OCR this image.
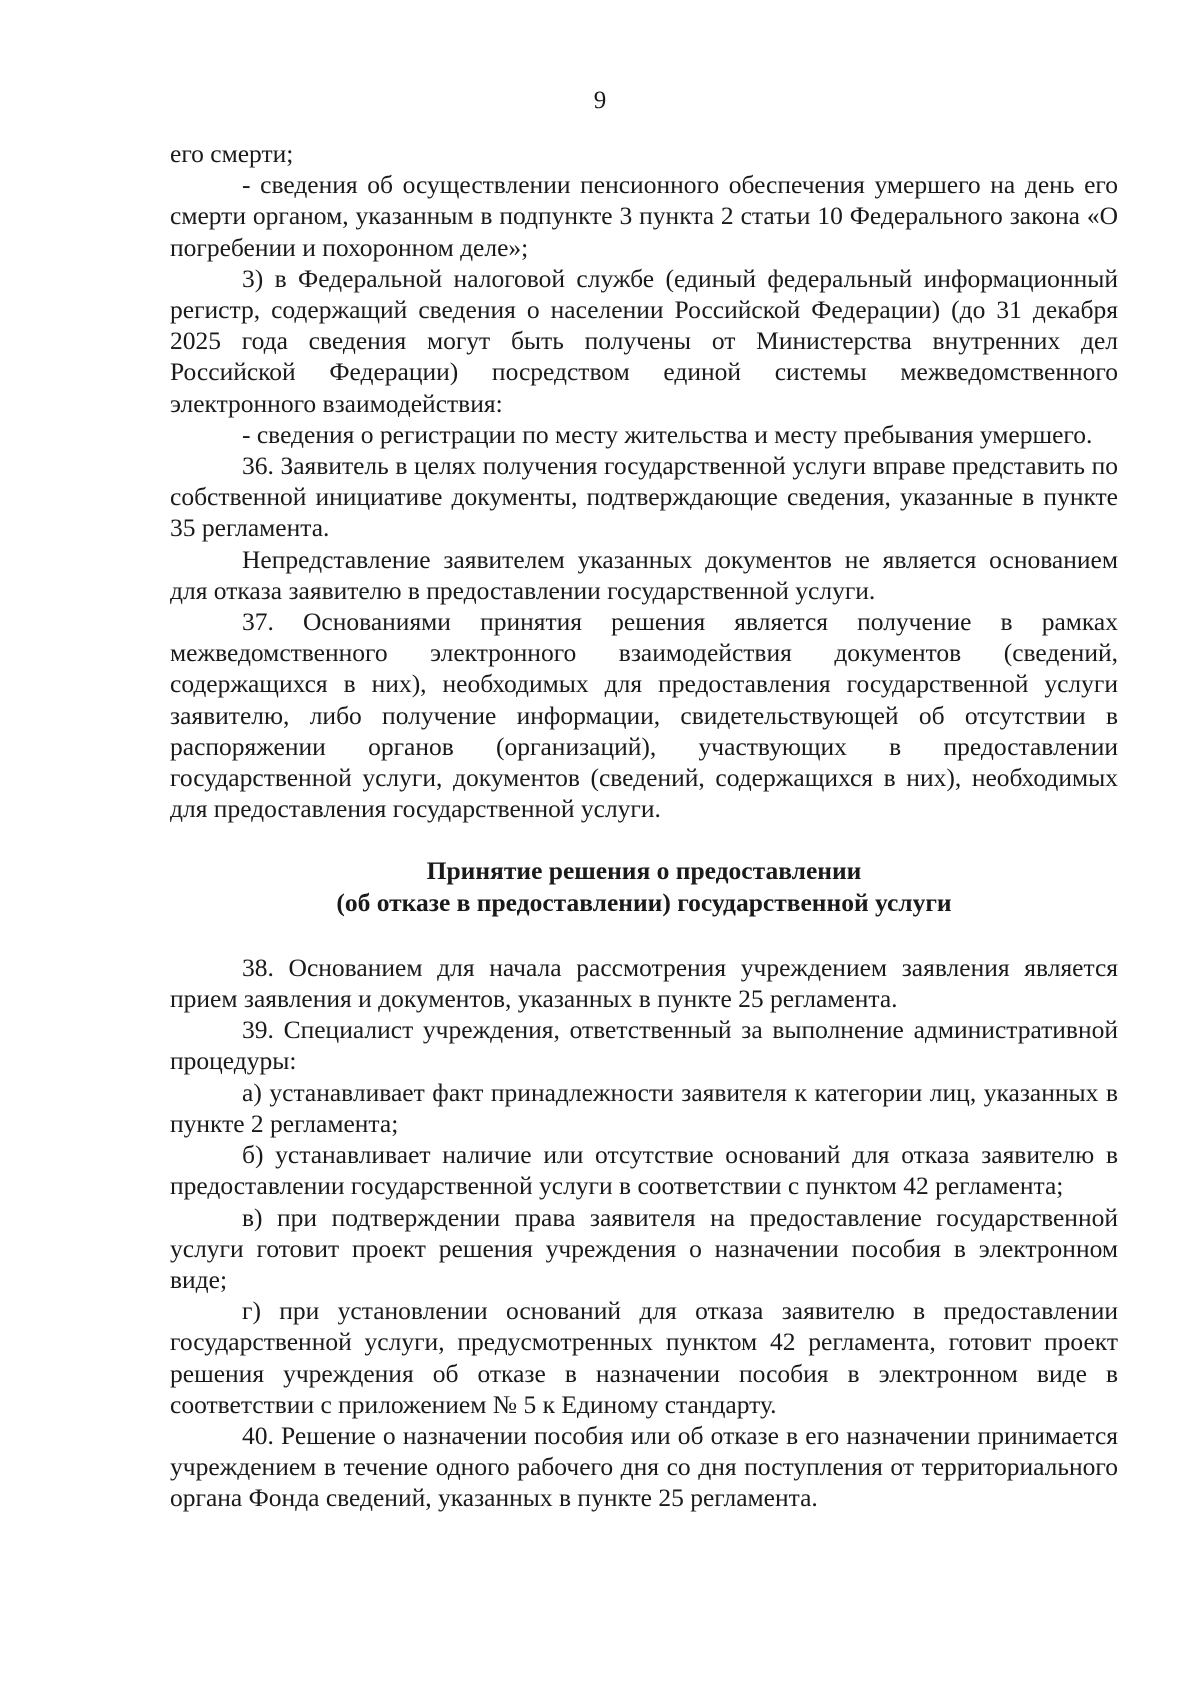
9

его смерти;

- сведения об осуществлении пенсионного обеспечения умершего на день его смерти органом, указанным в подпункте 3 пункта 2 статьи 10 Федерального закона «О погребении и похоронном деле»;

3) в Федеральной налоговой службе (единый федеральный информационный регистр, содержащий сведения о населении Российской Федерации) (до 31 декабря 2025 года сведения могут быть получены от Министерства внутренних дел Российской Федерации) посредством единой системы межведомственного электронного взаимодействия:

- сведения о регистрации по месту жительства и месту пребывания умершего.

36. Заявитель в целях получения государственной услуги вправе представить по собственной инициативе документы, подтверждающие сведения, указанные в пункте 35 регламента.

Непредставление заявителем указанных документов не является основанием для отказа заявителю в предоставлении государственной услуги.

37. Основаниями принятия решения является получение в рамках межведомственного электронного взаимодействия документов (сведений, содержащихся в них), необходимых для предоставления государственной услуги заявителю, либо получение информации, свидетельствующей об отсутствии в распоряжении органов (организаций), участвующих в предоставлении государственной услуги, документов (сведений, содержащихся в них), необходимых для предоставления государственной услуги.

Принятие решения о предоставлении
(об отказе в предоставлении) государственной услуги

38. Основанием для начала рассмотрения учреждением заявления является прием заявления и документов, указанных в пункте 25 регламента.

39. Специалист учреждения, ответственный за выполнение административной процедуры:

а) устанавливает факт принадлежности заявителя к категории лиц, указанных в пункте 2 регламента;

б) устанавливает наличие или отсутствие оснований для отказа заявителю в предоставлении государственной услуги в соответствии с пунктом 42 регламента;

в) при подтверждении права заявителя на предоставление государственной услуги готовит проект решения учреждения о назначении пособия в электронном виде;

г) при установлении оснований для отказа заявителю в предоставлении государственной услуги, предусмотренных пунктом 42 регламента, готовит проект решения учреждения об отказе в назначении пособия в электронном виде в соответствии с приложением № 5 к Единому стандарту.

40. Решение о назначении пособия или об отказе в его назначении принимается учреждением в течение одного рабочего дня со дня поступления от территориального органа Фонда сведений, указанных в пункте 25 регламента.
